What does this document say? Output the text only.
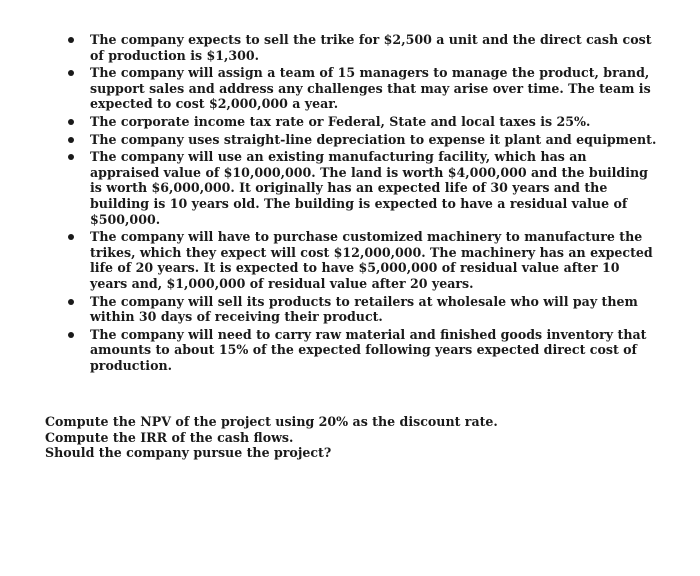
The company expects to sell the trike for $2,500 a unit and the direct cash cost of production is $1,300.
The company will assign a team of 15 managers to manage the product, brand, support sales and address any challenges that may arise over time. The team is expected to cost $2,000,000 a year.
The corporate income tax rate or Federal, State and local taxes is 25%.
The company uses straight-line depreciation to expense it plant and equipment.
The company will use an existing manufacturing facility, which has an appraised value of $10,000,000. The land is worth $4,000,000 and the building is worth $6,000,000. It originally has an expected life of 30 years and the building is 10 years old. The building is expected to have a residual value of $500,000.
The company will have to purchase customized machinery to manufacture the trikes, which they expect will cost $12,000,000. The machinery has an expected life of 20 years. It is expected to have $5,000,000 of residual value after 10 years and, $1,000,000 of residual value after 20 years.
The company will sell its products to retailers at wholesale who will pay them within 30 days of receiving their product.
The company will need to carry raw material and finished goods inventory that amounts to about 15% of the expected following years expected direct cost of production.

Compute the NPV of the project using 20% as the discount rate.

Compute the IRR of the cash flows.

Should the company pursue the project?
